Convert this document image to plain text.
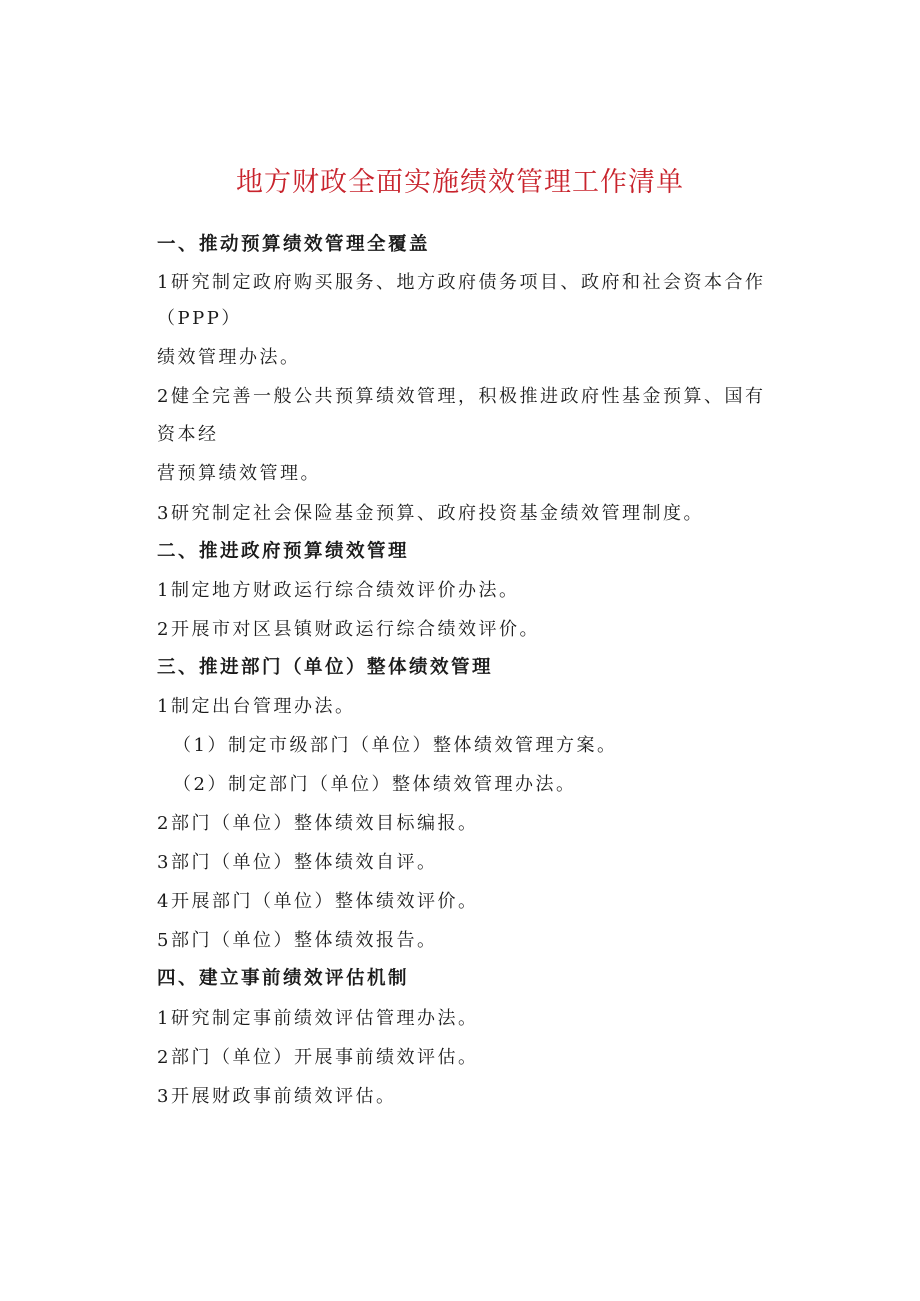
地方财政全面实施绩效管理工作清单
一、推动预算绩效管理全覆盖
1研究制定政府购买服务、地方政府债务项目、政府和社会资本合作
（PPP）
绩效管理办法。
2健全完善一般公共预算绩效管理，积极推进政府性基金预算、国有
资本经
营预算绩效管理。
3研究制定社会保险基金预算、政府投资基金绩效管理制度。
二、推进政府预算绩效管理
1制定地方财政运行综合绩效评价办法。
2开展市对区县镇财政运行综合绩效评价。
三、推进部门（单位）整体绩效管理
1制定出台管理办法。
（1）制定市级部门（单位）整体绩效管理方案。
（2）制定部门（单位）整体绩效管理办法。
2部门（单位）整体绩效目标编报。
3部门（单位）整体绩效自评。
4开展部门（单位）整体绩效评价。
5部门（单位）整体绩效报告。
四、建立事前绩效评估机制
1研究制定事前绩效评估管理办法。
2部门（单位）开展事前绩效评估。
3开展财政事前绩效评估。
